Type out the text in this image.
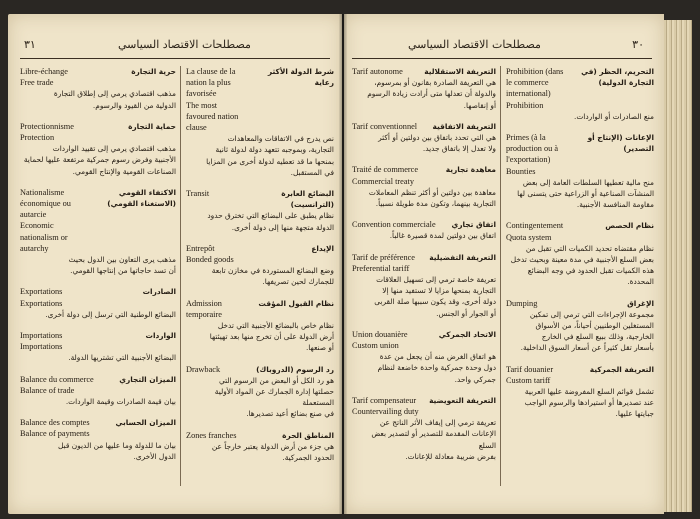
٣١	مصطلحات الاقتصاد السياسي
Libre-échange
Free trade
حرية التجارة
مذهب اقتصادي يرمي إلى إطلاق التجارة
الدولية من القيود والرسوم.
Protectionnisme
Protection
حماية التجارة
مذهب اقتصادي يرمي إلى تقييد الواردات
الأجنبية وفرض رسوم جمركية مرتفعة عليها لحماية
الصناعات القومية والإنتاج القومي.
Nationalisme économique ou autarcie
Economic nationalism or autarchy
الاكتفاء القومي (الاستغناء القومي)
مذهب يرى التعاون بين الدول بحيث
أن تسد حاجاتها من إنتاجها القومي.
Exportations
Exportations
الصادرات
البضائع الوطنية التي ترسل إلى دولة أخرى.
Importations
Importations
الواردات
البضائع الأجنبية التي تشتريها الدولة.
Balance du commerce
Balance of trade
الميزان التجاري
بيان قيمة الصادرات وقيمة الواردات.
Balance des comptes
Balance of payments
الميزان الحسابي
بيان ما للدولة وما عليها من الديون قبل
الدول الأخرى.
La clause de la nation la plus favorisée
The most favoured nation clause
شرط الدولة الأكثر رعاية
نص يدرج في الاتفاقات والمعاهدات
التجارية، وبموجبه تتعهد دولة لدولة ثانية
بمنحها ما قد تعطيه لدولة أخرى من المزايا
في المستقبل.
Transit	البضائع العابرة (الترانسيت)
نظام يطبق على البضائع التي تخترق حدود
الدولة متجهة منها إلى دولة أخرى.
Entrepôt
Bonded goods
الإيداع
وضع البضائع المستوردة في مخازن تابعة
للجمارك لحين تصريفها.
Admission temporaire
نظام القبول المؤقت
نظام خاص بالبضائع الأجنبية التي تدخل
أرض الدولة على أن تخرج منها بعد تهيئتها
أو صنعها.
Drawback	رد الرسوم (الدروباك)
هو رد الكل أو البعض من الرسوم التي
حصلتها إدارة الجمارك عن المواد الأولية المستعملة
في صنع بضائع أعيد تصديرها.
Zones franches	المناطق الحرة
هي جزء من أرض الدولة يعتبر خارجاً عن
الحدود الجمركية.
٣٠
مصطلحات الاقتصاد السياسي
Tarif autonome	التعريفة الاستقلالية
هي التعريفة الصادرة بقانون أو بمرسوم،
والدولة أن تعدلها متى أرادت زيادة الرسوم
أو إنقاصها.
Tarif conventionnel التعريفة الاتفاقية
هي التي تحدد باتفاق بين دولتين أو أكثر
ولا تعدل إلا باتفاق جديد.
Traité de commerce
Commercial treaty
معاهدة تجارية
معاهدة بين دولتين أو أكثر تنظم المعاملات
التجارية بينهما، وتكون مدة طويلة نسبياً.
Convention commerciale اتفاق تجاري
اتفاق بين دولتين لمدة قصيرة غالباً.
Tarif de préférence
Preferential tariff
التعريفة التفضيلية
تعريفة خاصة ترمي إلى تسهيل العلاقات
التجارية بمنحها مزايا لا تستفيد منها إلا
دولة أخرى، وقد يكون سببها صلة القربى
أو الجوار أو الجنس.
Union douanière
Custom union
الاتحاد الجمركي
هو اتفاق الغرض منه أن يجعل من عدة
دول وحدة جمركية واحدة خاضعة لنظام
جمركي واحد.
Tarif compensateur
Countervailing duty
التعريفة التعويضية
تعريفة ترمي إلى إيقاف الأثر الناتج عن
الإعانات المقدمة للتصدير أو لتصدير بعض السلع
بفرض ضريبة معادلة للإعانات.
Prohibition (dans le commerce international)
Prohibition
التحريم، الحظر (في التجارة الدولية)
منع الصادرات أو الواردات.
Primes (à la production ou à l'exportation)
Bounties
الإعانات (الإنتاج أو التصدير)
منح مالية تعطيها السلطات العامة إلى بعض
المنشآت الصناعية أو الزراعية حتى يتسنى لها
مقاومة المنافسة الأجنبية.
Contingentement
Quota system
نظام الحصص
نظام مقتضاه تحديد الكميات التي تقبل من
بعض السلع الأجنبية في مدة معينة وبحيث تدخل
هذه الكميات تقبل الحدود في وجه البضائع
المحددة.
Dumping	الإغراق
مجموعة الإجراءات التي ترمي إلى تمكين
المستغلين الوطنيين أحياناً، من الأسواق
الخارجية، وذلك ببيع السلع في الخارج
بأسعار تقل كثيراً عن أسعار السوق الداخلية.
Tarif douanier
Custom tariff
التعريفة الجمركية
تشمل قوائم السلع المفروضة عليها العربية
عند تصديرها أو استيرادها والرسوم الواجب
جبايتها عليها.
